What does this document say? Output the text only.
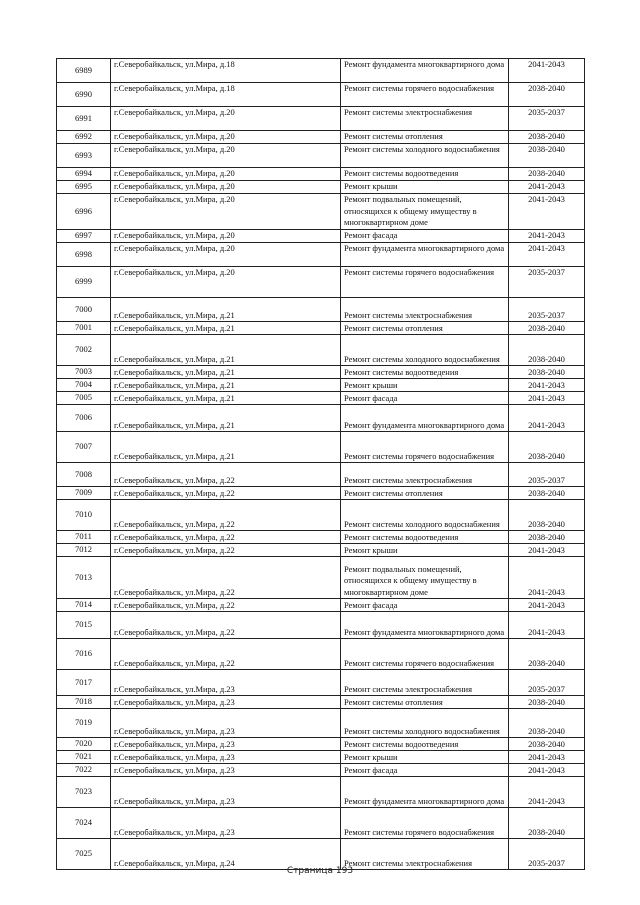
6989	г.Северобайкальск, ул.Мира, д.18	Ремонт фундамента многоквартирного дома	2041-2043
6990	г.Северобайкальск, ул.Мира, д.18	Ремонт системы горячего водоснабжения	2038-2040
6991	г.Северобайкальск, ул.Мира, д.20	Ремонт системы электроснабжения	2035-2037
6992	г.Северобайкальск, ул.Мира, д.20	Ремонт системы отопления	2038-2040
6993	г.Северобайкальск, ул.Мира, д.20	Ремонт системы холодного водоснабжения	2038-2040
6994	г.Северобайкальск, ул.Мира, д.20	Ремонт системы водоотведения	2038-2040
6995	г.Северобайкальск, ул.Мира, д.20	Ремонт крыши	2041-2043
6996	г.Северобайкальск, ул.Мира, д.20	Ремонт подвальных помещений, относящихся к общему имуществу в многоквартирном доме	2041-2043
6997	г.Северобайкальск, ул.Мира, д.20	Ремонт фасада	2041-2043
6998	г.Северобайкальск, ул.Мира, д.20	Ремонт фундамента многоквартирного дома	2041-2043
6999	г.Северобайкальск, ул.Мира, д.20	Ремонт системы горячего водоснабжения	2035-2037
7000	г.Северобайкальск, ул.Мира, д.21	Ремонт системы электроснабжения	2035-2037
7001	г.Северобайкальск, ул.Мира, д.21	Ремонт системы отопления	2038-2040
7002	г.Северобайкальск, ул.Мира, д.21	Ремонт системы холодного водоснабжения	2038-2040
7003	г.Северобайкальск, ул.Мира, д.21	Ремонт системы водоотведения	2038-2040
7004	г.Северобайкальск, ул.Мира, д.21	Ремонт крыши	2041-2043
7005	г.Северобайкальск, ул.Мира, д.21	Ремонт фасада	2041-2043
7006	г.Северобайкальск, ул.Мира, д.21	Ремонт фундамента многоквартирного дома	2041-2043
7007	г.Северобайкальск, ул.Мира, д.21	Ремонт системы горячего водоснабжения	2038-2040
7008	г.Северобайкальск, ул.Мира, д.22	Ремонт системы электроснабжения	2035-2037
7009	г.Северобайкальск, ул.Мира, д.22	Ремонт системы отопления	2038-2040
7010	г.Северобайкальск, ул.Мира, д.22	Ремонт системы холодного водоснабжения	2038-2040
7011	г.Северобайкальск, ул.Мира, д.22	Ремонт системы водоотведения	2038-2040
7012	г.Северобайкальск, ул.Мира, д.22	Ремонт крыши	2041-2043
7013	г.Северобайкальск, ул.Мира, д.22	Ремонт подвальных помещений, относящихся к общему имуществу в многоквартирном доме	2041-2043
7014	г.Северобайкальск, ул.Мира, д.22	Ремонт фасада	2041-2043
7015	г.Северобайкальск, ул.Мира, д.22	Ремонт фундамента многоквартирного дома	2041-2043
7016	г.Северобайкальск, ул.Мира, д.22	Ремонт системы горячего водоснабжения	2038-2040
7017	г.Северобайкальск, ул.Мира, д.23	Ремонт системы электроснабжения	2035-2037
7018	г.Северобайкальск, ул.Мира, д.23	Ремонт системы отопления	2038-2040
7019	г.Северобайкальск, ул.Мира, д.23	Ремонт системы холодного водоснабжения	2038-2040
7020	г.Северобайкальск, ул.Мира, д.23	Ремонт системы водоотведения	2038-2040
7021	г.Северобайкальск, ул.Мира, д.23	Ремонт крыши	2041-2043
7022	г.Северобайкальск, ул.Мира, д.23	Ремонт фасада	2041-2043
7023	г.Северобайкальск, ул.Мира, д.23	Ремонт фундамента многоквартирного дома	2041-2043
7024	г.Северобайкальск, ул.Мира, д.23	Ремонт системы горячего водоснабжения	2038-2040
7025	г.Северобайкальск, ул.Мира, д.24	Ремонт системы электроснабжения	2035-2037
Страница 193
